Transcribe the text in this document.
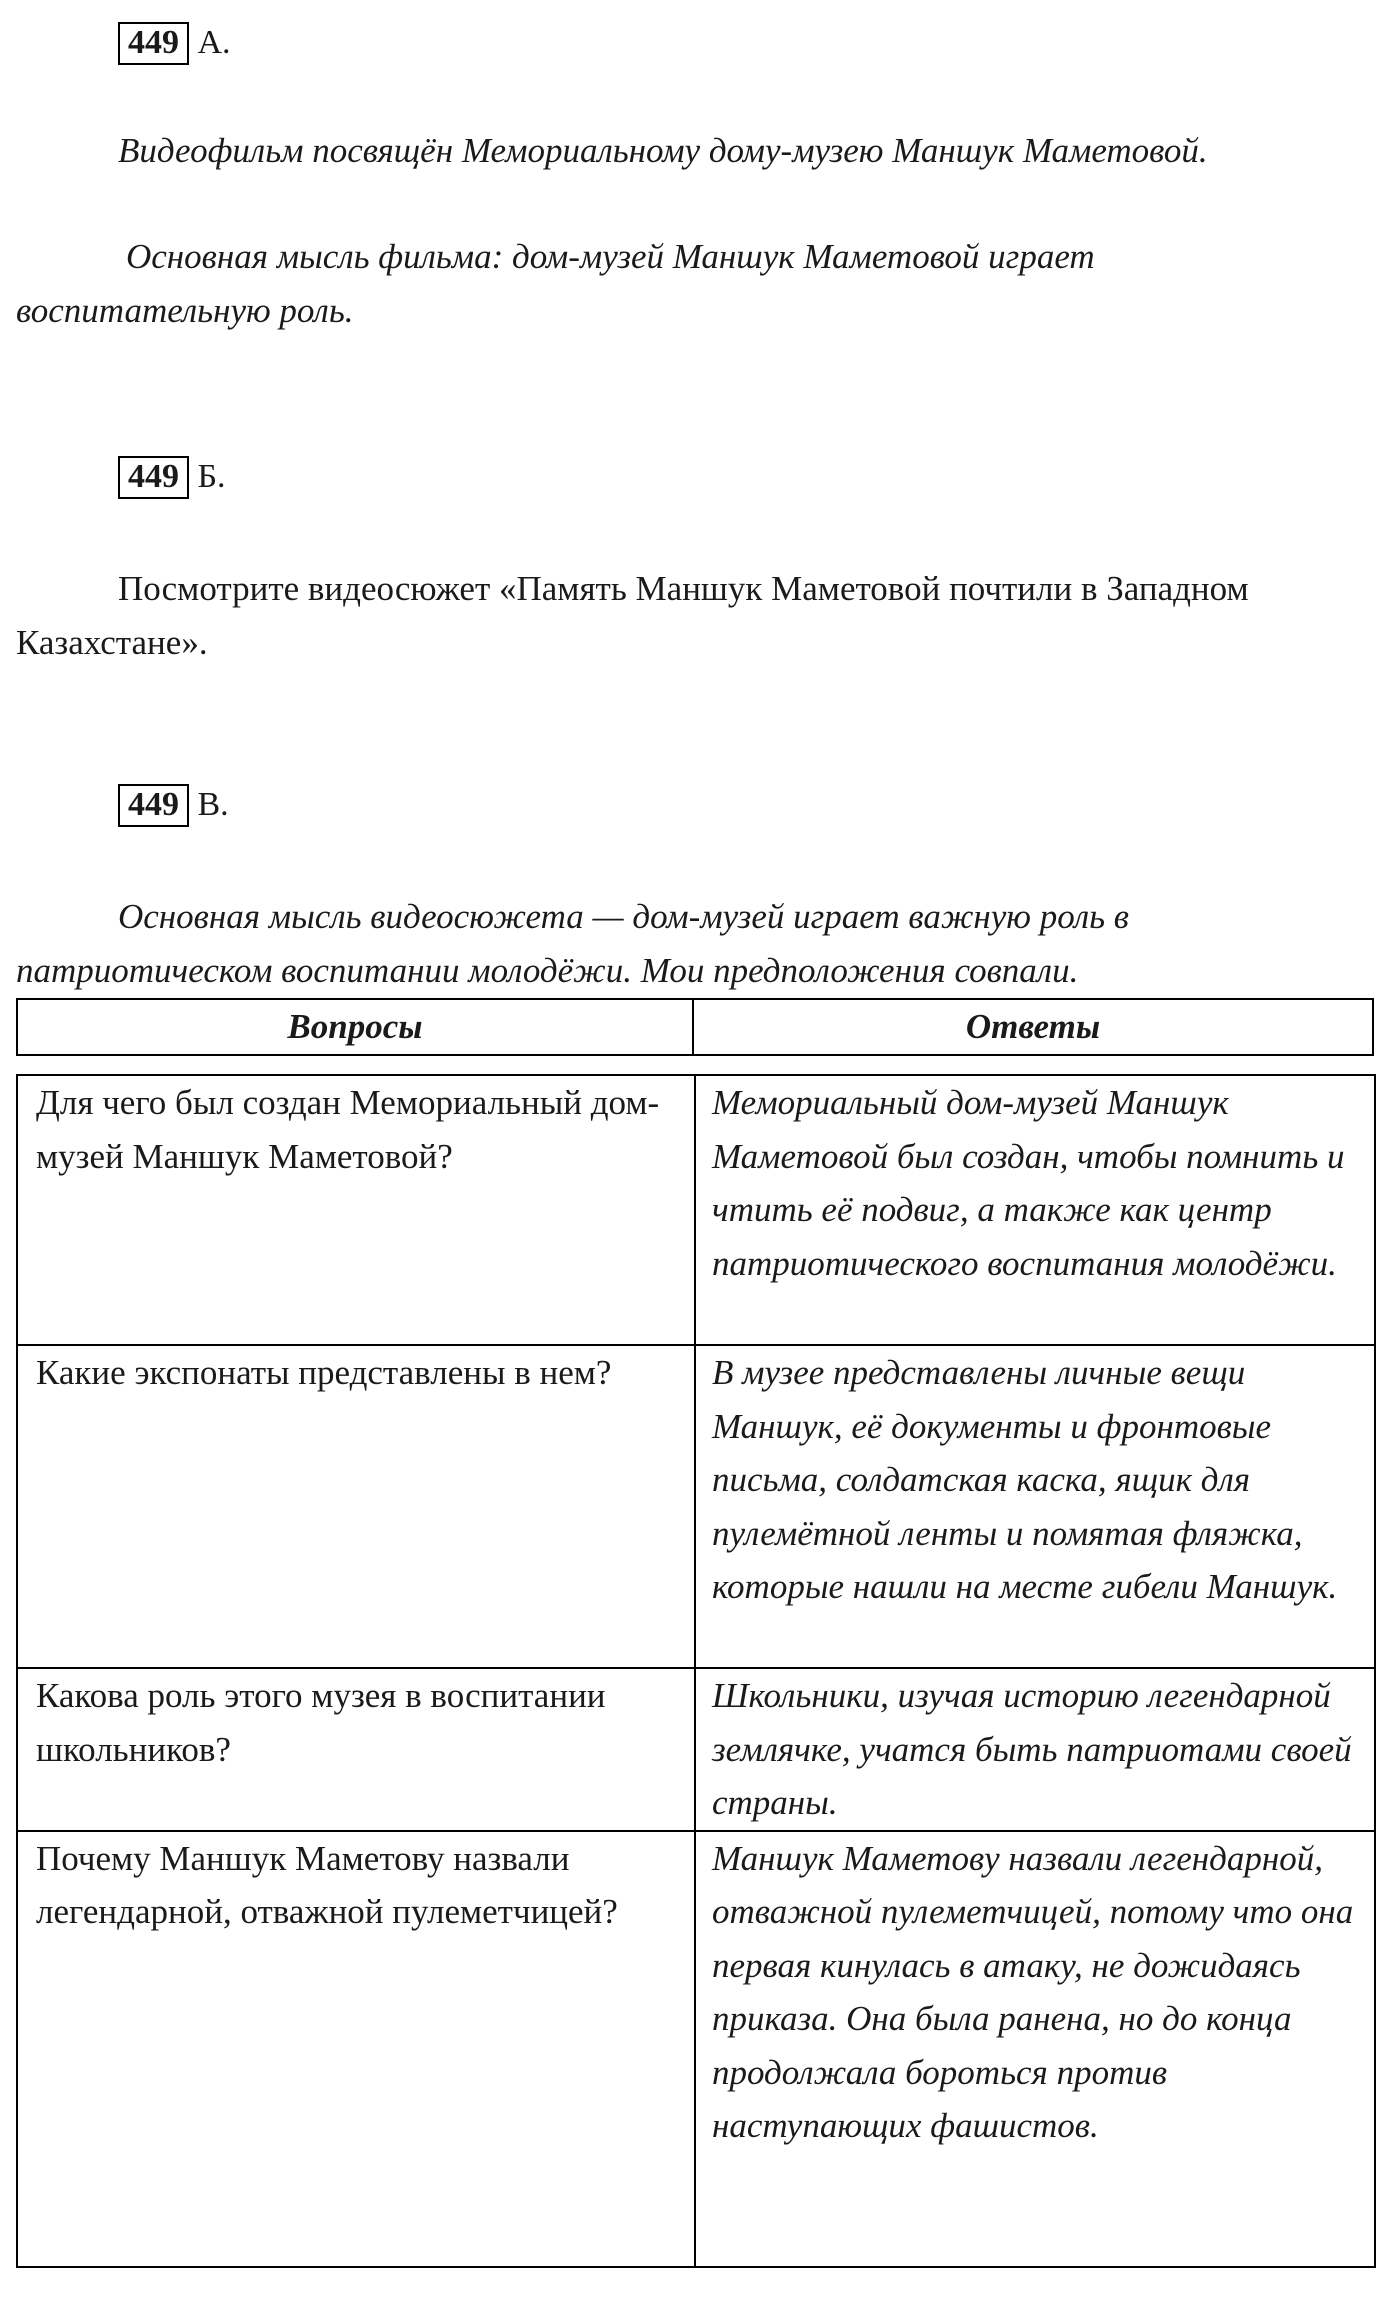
449 А.

Видеофильм посвящён Мемориальному дому-музею Маншук Маметовой.

Основная мысль фильма: дом-музей Маншук Маметовой играет воспитательную роль.

449 Б.

Посмотрите видеосюжет «Память Маншук Маметовой почтили в Западном Казахстане».

449 В.

Основная мысль видеосюжета — дом-музей играет важную роль в патриотическом воспитании молодёжи. Мои предположения совпали.

Вопросы	Ответы
Для чего был создан Мемориальный дом-музей Маншук Маметовой?	Мемориальный дом-музей Маншук Маметовой был создан, чтобы помнить и чтить её подвиг, а также как центр патриотического воспитания молодёжи.
Какие экспонаты представлены в нем?	В музее представлены личные вещи Маншук, её документы и фронтовые письма, солдатская каска, ящик для пулемётной ленты и помятая фляжка, которые нашли на месте гибели Маншук.
Какова роль этого музея в воспитании школьников?	Школьники, изучая историю легендарной землячке, учатся быть патриотами своей страны.
Почему Маншук Маметову назвали легендарной, отважной пулеметчицей?	Маншук Маметову назвали легендарной, отважной пулеметчицей, потому что она первая кинулась в атаку, не дожидаясь приказа. Она была ранена, но до конца продолжала бороться против наступающих фашистов.
